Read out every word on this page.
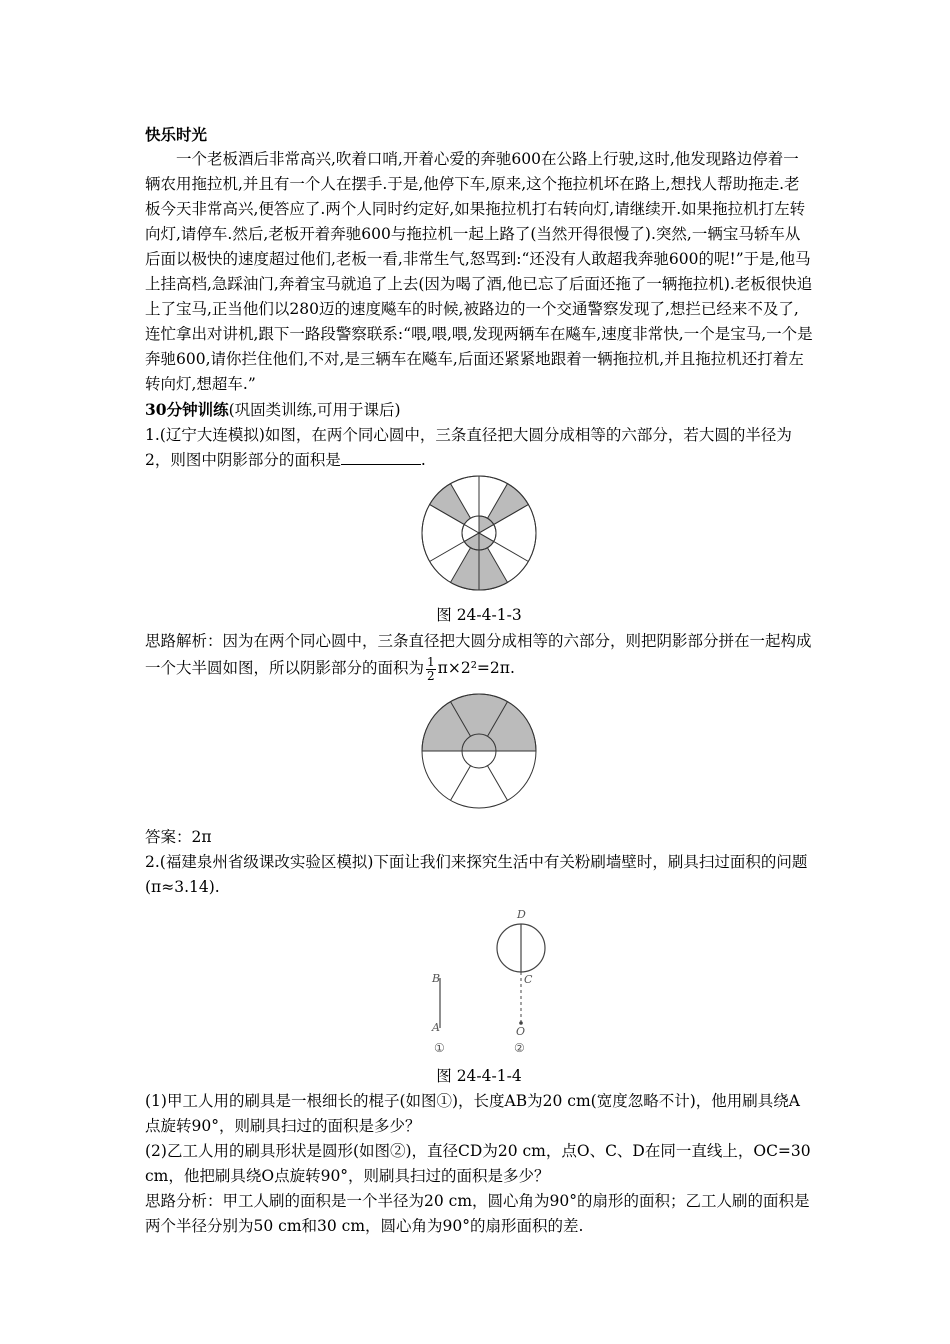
快乐时光

一个老板酒后非常高兴,吹着口哨,开着心爱的奔驰600在公路上行驶,这时,他发现路边停着一辆农用拖拉机,并且有一个人在摆手.于是,他停下车,原来,这个拖拉机坏在路上,想找人帮助拖走.老板今天非常高兴,便答应了.两个人同时约定好,如果拖拉机打右转向灯,请继续开.如果拖拉机打左转向灯,请停车.然后,老板开着奔驰600与拖拉机一起上路了(当然开得很慢了).突然,一辆宝马轿车从后面以极快的速度超过他们,老板一看,非常生气,怒骂到:“还没有人敢超我奔驰600的呢!”于是,他马上挂高档,急踩油门,奔着宝马就追了上去(因为喝了酒,他已忘了后面还拖了一辆拖拉机).老板很快追上了宝马,正当他们以280迈的速度飚车的时候,被路边的一个交通警察发现了,想拦已经来不及了,连忙拿出对讲机,跟下一路段警察联系:“喂,喂,喂,发现两辆车在飚车,速度非常快,一个是宝马,一个是奔驰600,请你拦住他们,不对,是三辆车在飚车,后面还紧紧地跟着一辆拖拉机,并且拖拉机还打着左转向灯,想超车.”

30分钟训练(巩固类训练,可用于课后)

1.(辽宁大连模拟)如图，在两个同心圆中，三条直径把大圆分成相等的六部分，若大圆的半径为2，则图中阴影部分的面积是	.

图 24-4-1-3

思路解析：因为在两个同心圆中，三条直径把大圆分成相等的六部分，则把阴影部分拼在一起构成一个大半圆如图，所以阴影部分的面积为 $\frac{1}{2} \pi\times 2^2=2\pi$.

答案：2π

2.(福建泉州省级课改实验区模拟)下面让我们来探究生活中有关粉刷墙壁时，刷具扫过面积的问题(π≈3.14).

B
A
D
C
O
①	②

图 24-4-1-4

(1)甲工人用的刷具是一根细长的棍子(如图①)，长度AB为20 cm(宽度忽略不计)，他用刷具绕A点旋转90°，则刷具扫过的面积是多少？

(2)乙工人用的刷具形状是圆形(如图②)，直径CD为20 cm，点O、C、D在同一直线上，OC=30 cm，他把刷具绕O点旋转90°，则刷具扫过的面积是多少？

思路分析：甲工人刷的面积是一个半径为20 cm，圆心角为90°的扇形的面积；乙工人刷的面积是两个半径分别为50 cm和30 cm，圆心角为90°的扇形面积的差.
